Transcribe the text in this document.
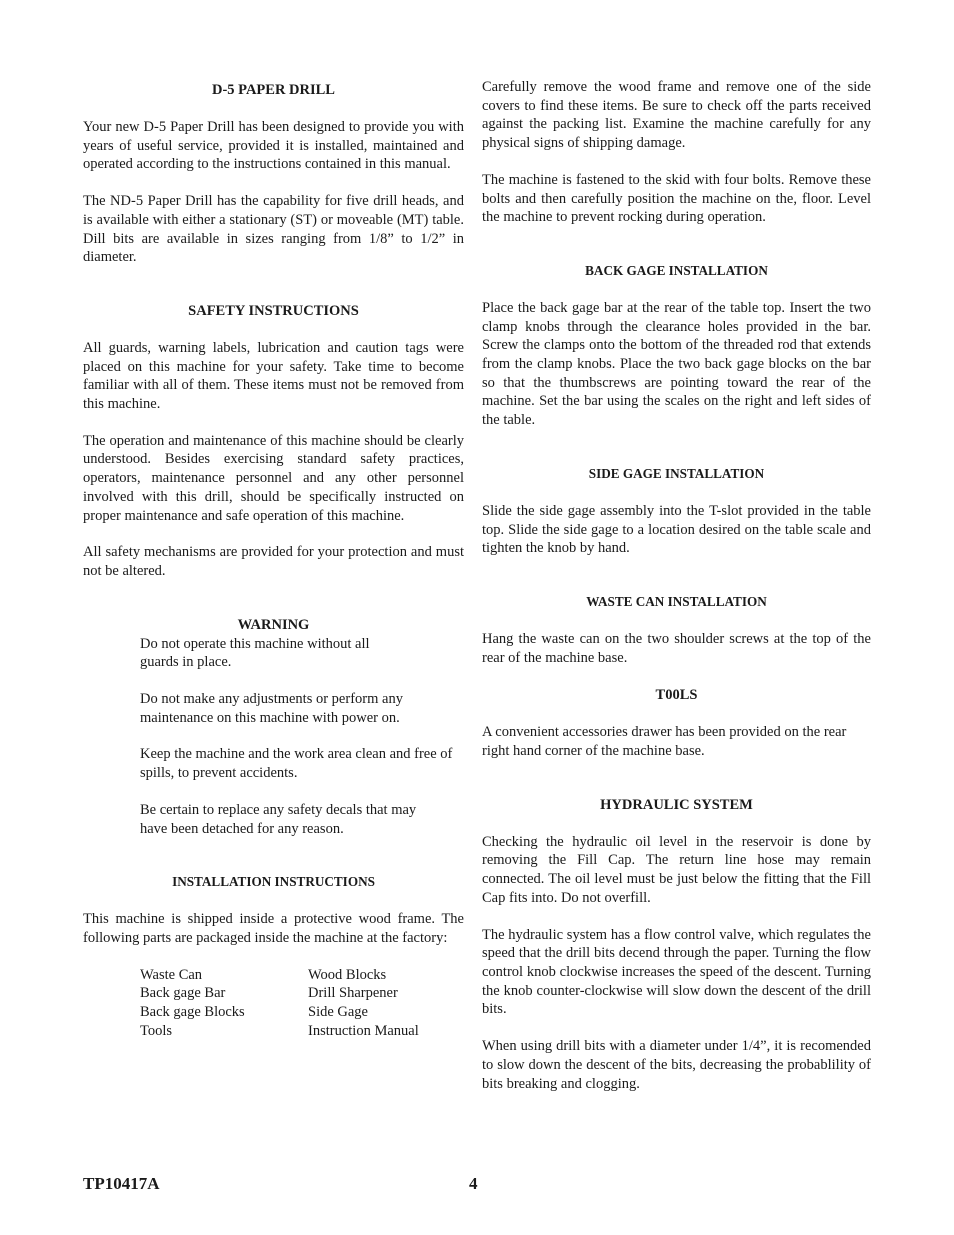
D-5 PAPER DRILL

Your new D-5 Paper Drill has been designed to provide you with years of useful service, provided it is installed, maintained and operated according to the instructions contained in this manual.

The ND-5 Paper Drill has the capability for five drill heads, and is available with either a stationary (ST) or moveable (MT) table. Dill bits are available in sizes ranging from 1/8” to 1/2” in diameter.

SAFETY INSTRUCTIONS

All guards, warning labels, lubrication and caution tags were placed on this machine for your safety. Take time to become familiar with all of them. These items must not be removed from this machine.

The operation and maintenance of this machine should be clearly understood. Besides exercising standard safety practices, operators, maintenance personnel and any other personnel involved with this drill, should be specifically instructed on proper maintenance and safe operation of this machine.

All safety mechanisms are provided for your protection and must not be altered.

WARNING

Do not operate this machine without all guards in place.

Do not make any adjustments or perform any maintenance on this machine with power on.

Keep the machine and the work area clean and free of spills, to prevent accidents.

Be certain to replace any safety decals that may have been detached for any reason.

INSTALLATION INSTRUCTIONS

This machine is shipped inside a protective wood frame. The following parts are packaged inside the machine at the factory:

Waste Can	Wood Blocks
Back gage Bar	Drill Sharpener
Back gage Blocks	Side Gage
Tools	Instruction Manual

Carefully remove the wood frame and remove one of the side covers to find these items. Be sure to check off the parts received against the packing list. Examine the machine carefully for any physical signs of shipping damage.

The machine is fastened to the skid with four bolts. Remove these bolts and then carefully position the machine on the, floor. Level the machine to prevent rocking during operation.

BACK GAGE INSTALLATION

Place the back gage bar at the rear of the table top. Insert the two clamp knobs through the clearance holes provided in the bar. Screw the clamps onto the bottom of the threaded rod that extends from the clamp knobs. Place the two back gage blocks on the bar so that the thumbscrews are pointing toward the rear of the machine. Set the bar using the scales on the right and left sides of the table.

SIDE GAGE INSTALLATION

Slide the side gage assembly into the T-slot provided in the table top. Slide the side gage to a location desired on the table scale and tighten the knob by hand.

WASTE CAN INSTALLATION

Hang the waste can on the two shoulder screws at the top of the rear of the machine base.

T00LS

A convenient accessories drawer has been provided on the rear right hand corner of the machine base.

HYDRAULIC SYSTEM

Checking the hydraulic oil level in the reservoir is done by removing the Fill Cap. The return line hose may remain connected. The oil level must be just below the fitting that the Fill Cap fits into. Do not overfill.

The hydraulic system has a flow control valve, which regulates the speed that the drill bits decend through the paper. Turning the flow control knob clockwise increases the speed of the descent. Turning the knob counter-clockwise will slow down the descent of the drill bits.

When using drill bits with a diameter under 1/4”, it is recomended to slow down the descent of the bits, decreasing the probablility of bits breaking and clogging.

TP10417A	4
